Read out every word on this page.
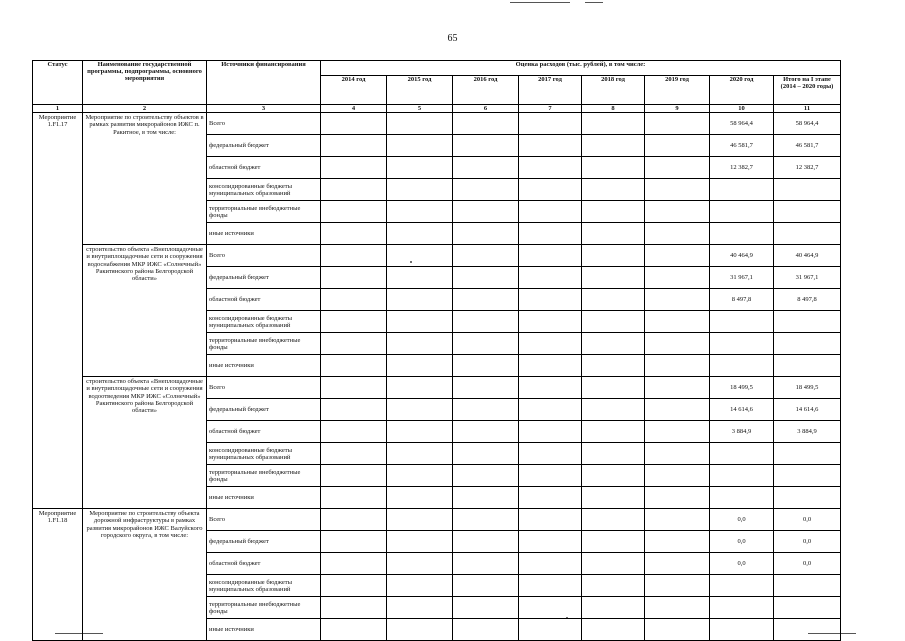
65
Статус	Наименование государственной программы, подпрограммы, основного мероприятия	Источники финансирования	Оценка расходов (тыс. рублей), в том числе:							
			2014 год	2015 год	2016 год	2017 год	2018 год	2019 год	2020 год	Итого на I этапе (2014 – 2020 годы)
1	2	3	4	5	6	7	8	9	10	11
Мероприятие 1.F1.17	Мероприятие по строительству объектов в рамках развития микрорайонов ИЖС п. Ракитное, в том числе:	Всего							58 964,4	58 964,4
		федеральный бюджет							46 581,7	46 581,7
		областной бюджет							12 382,7	12 382,7
		консолидированные бюджеты муниципальных образований								
		территориальные внебюджетные фонды								
		иные источники								
	строительство объекта «Внеплощадочные и внутриплощадочные сети и сооружения водоснабжения МКР ИЖС «Солнечный» Ракитянского района Белгородской области»	Всего							40 464,9	40 464,9
		федеральный бюджет							31 967,1	31 967,1
		областной бюджет							8 497,8	8 497,8
		консолидированные бюджеты муниципальных образований								
		территориальные внебюджетные фонды								
		иные источники								
	строительство объекта «Внеплощадочные и внутриплощадочные сети и сооружения водоотведения МКР ИЖС «Солнечный» Ракитянского района Белгородской области»	Всего							18 499,5	18 499,5
		федеральный бюджет							14 614,6	14 614,6
		областной бюджет							3 884,9	3 884,9
		консолидированные бюджеты муниципальных образований								
		территориальные внебюджетные фонды								
		иные источники								
Мероприятие 1.F1.18	Мероприятие по строительству объекта дорожной инфраструктуры в рамках развития микрорайонов ИЖС Валуйского городского округа, в том числе:	Всего							0,0	0,0
		федеральный бюджет							0,0	0,0
		областной бюджет							0,0	0,0
		консолидированные бюджеты муниципальных образований								
		территориальные внебюджетные фонды								
		иные источники								
